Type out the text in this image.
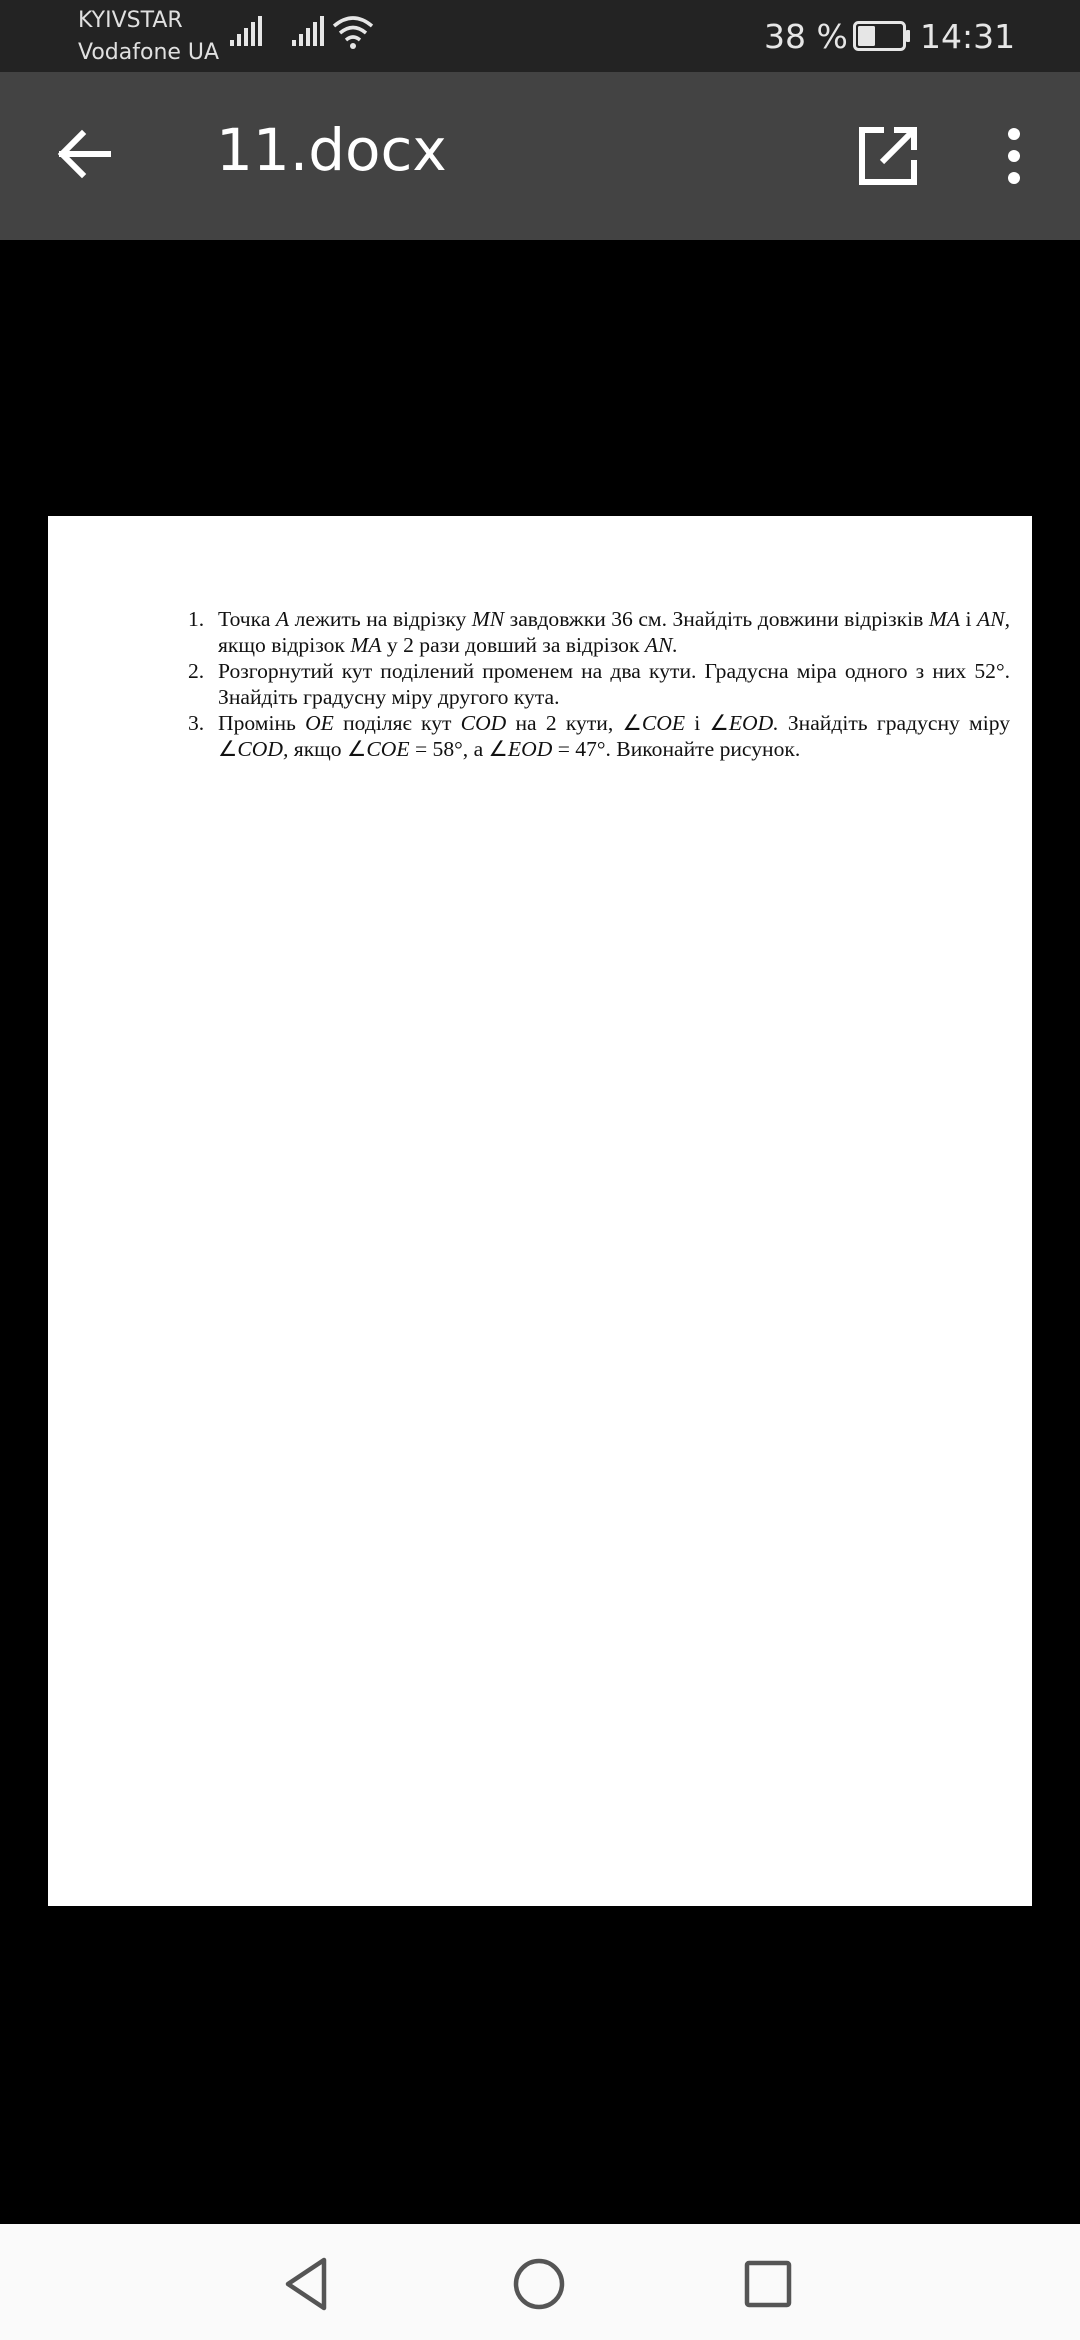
KYIVSTAR
Vodafone UA	38 % 14:31
11.docx
1. Точка A лежить на відрізку MN завдовжки 36 см. Знайдіть довжини відрізків MA і AN, якщо відрізок MA у 2 рази довший за відрізок AN.
2. Розгорнутий кут поділений променем на два кути. Градусна міра одного з них 52°. Знайдіть градусну міру другого кута.
3. Промінь OE поділяє кут COD на 2 кути, ∠COE і ∠EOD. Знайдіть градусну міру ∠COD, якщо ∠COE = 58°, а ∠EOD = 47°. Виконайте рисунок.
